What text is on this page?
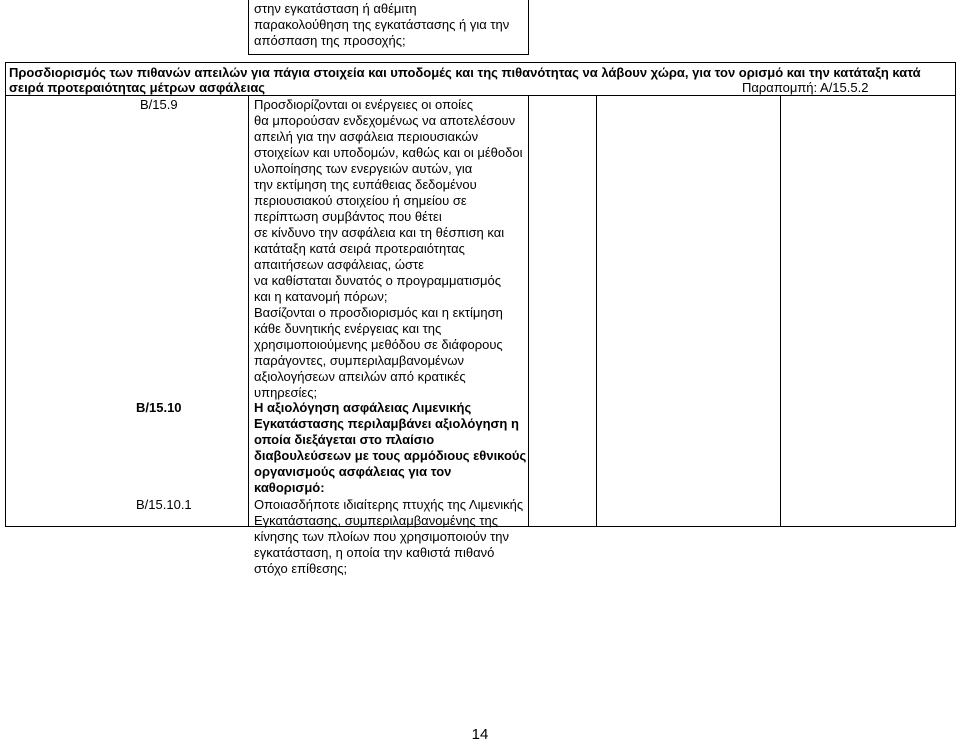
στην εγκατάσταση ή αθέμιτη
παρακολούθηση της εγκατάστασης ή για την
απόσπαση της προσοχής;
Προσδιορισμός των πιθανών απειλών για πάγια στοιχεία και υποδομές και της πιθανότητας να λάβουν χώρα, για τον ορισμό και την κατάταξη κατά
σειρά προτεραιότητας μέτρων ασφάλειας	Παραπομπή: Α/15.5.2
Β/15.9	Προσδιορίζονται οι ενέργειες οι οποίες
θα μπορούσαν ενδεχομένως να αποτελέσουν
απειλή για την ασφάλεια περιουσιακών
στοιχείων και υποδομών, καθώς και οι μέθοδοι
υλοποίησης των ενεργειών αυτών, για
την εκτίμηση της ευπάθειας δεδομένου
περιουσιακού στοιχείου ή σημείου σε
περίπτωση συμβάντος που θέτει
σε κίνδυνο την ασφάλεια και τη θέσπιση και
κατάταξη κατά σειρά προτεραιότητας
απαιτήσεων ασφάλειας, ώστε
να καθίσταται δυνατός ο προγραμματισμός
και η κατανομή πόρων;
Βασίζονται ο προσδιορισμός και η εκτίμηση
κάθε δυνητικής ενέργειας και της
χρησιμοποιούμενης μεθόδου σε διάφορους
παράγοντες, συμπεριλαμβανομένων
αξιολογήσεων απειλών από κρατικές
υπηρεσίες;
Β/15.10	Η αξιολόγηση ασφάλειας Λιμενικής
Εγκατάστασης περιλαμβάνει αξιολόγηση η
οποία διεξάγεται στο πλαίσιο
διαβουλεύσεων με τους αρμόδιους εθνικούς
οργανισμούς ασφάλειας για τον
καθορισμό:
Β/15.10.1	Οποιασδήποτε ιδιαίτερης πτυχής της Λιμενικής
Εγκατάστασης, συμπεριλαμβανομένης της
κίνησης των πλοίων που χρησιμοποιούν την
εγκατάσταση, η οποία την καθιστά πιθανό
στόχο επίθεσης;
14
